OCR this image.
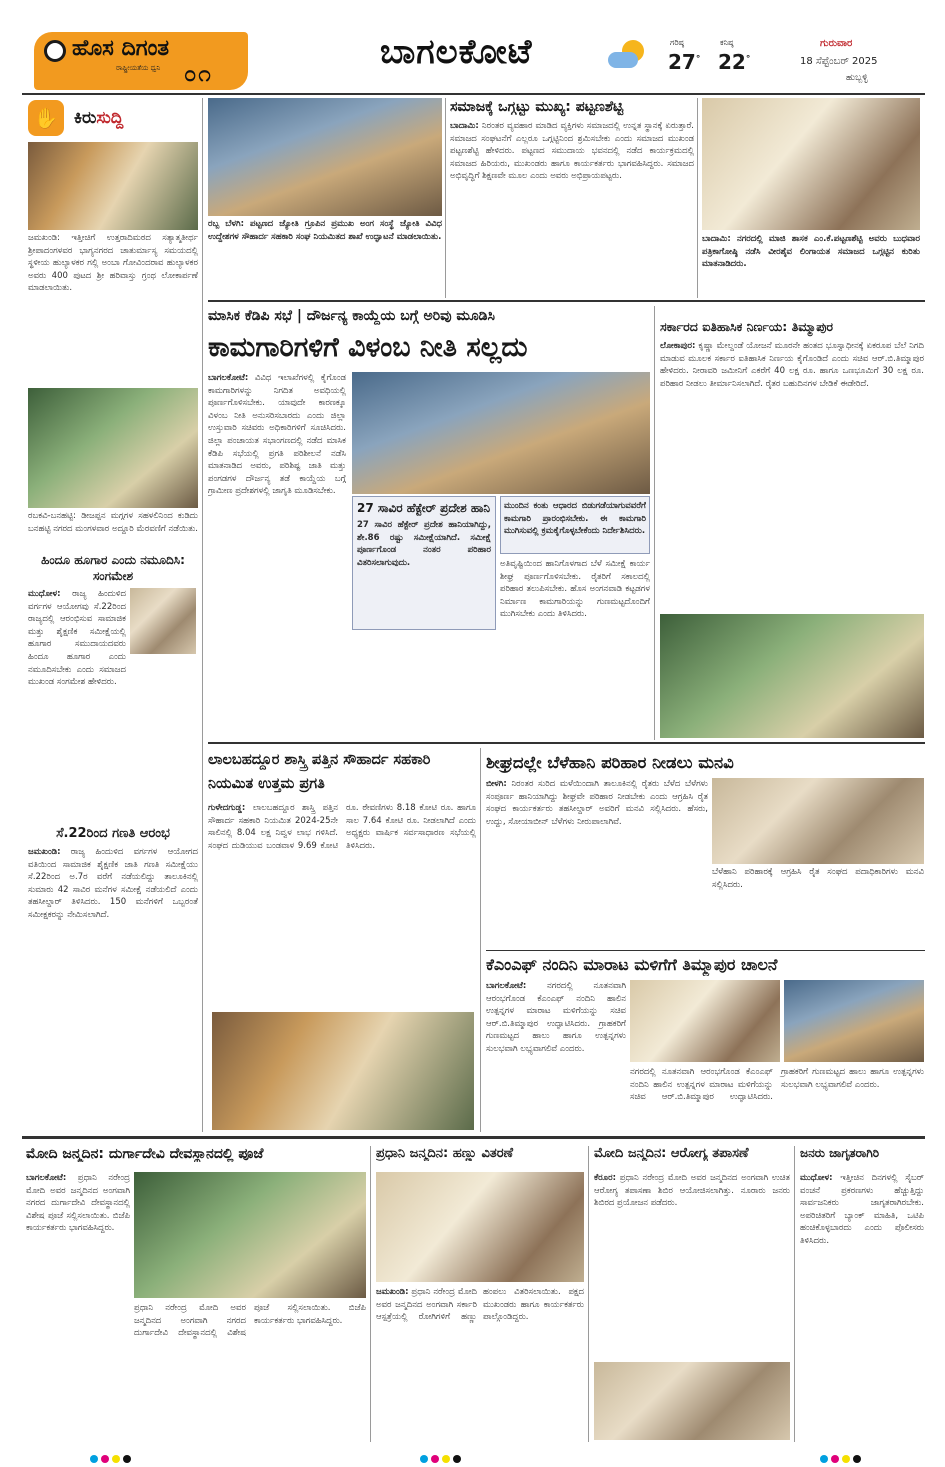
ಹೊಸ ದಿಗಂತ
ರಾಷ್ಟ್ರೀಯತೆಯ ಧ್ವನಿ ೦೧
ಬಾಗಲಕೋಟೆ	ಗರಿಷ್ಠ
27°
ಕನಿಷ್ಠ
22°
ಗುರುವಾರ
18 ಸೆಪ್ಟೆಂಬರ್ 2025
ಹುಬ್ಬಳ್ಳಿ
✋ ಕಿರುಸುದ್ದಿ
ಜಮಖಂಡಿ: ಇತ್ತೀಚಿಗೆ ಉತ್ತರಾದಿಮಠದ ಸತ್ಯಾತ್ಮತೀರ್ಥ ಶ್ರೀಪಾದಂಗಳವರ ಭಾಗ್ಯನಗರದ ಚಾತುರ್ಮಾಸ್ಯ ಸಮಯದಲ್ಲಿ ಸ್ಥಳೀಯ ಹುಲ್ಯಾಳಕರ ಗಲ್ಲಿ ಅಂಬಾ ಗೋವಿಂದರಾವ ಹುಲ್ಯಾಳಕರ ಅವರು 400 ಪುಟದ ಶ್ರೀ ಹರಿವಾಸ್ತು ಗ್ರಂಥ ಲೋಕಾರ್ಪಣೆ ಮಾಡಲಾಯಿತು.
ರಬಕವಿ-ಬನಹಟ್ಟಿ: ಡೀಜಪ್ಪನ ಮಗ್ಗಗಳ ಸಹಳಲಿನಿಂದ ಕುಡಿದು ಬನಹಟ್ಟಿ ನಗರದ ಮಂಗಳವಾರ ಅದ್ದೂರಿ ಮೆರವಣಿಗೆ ನಡೆಯಿತು.
ಹಿಂದೂ ಹೂಗಾರ ಎಂದು ನಮೂದಿಸಿ: ಸಂಗಮೇಶ
ಮುಧೋಳ: ರಾಜ್ಯ ಹಿಂದುಳಿದ ವರ್ಗಗಳ ಆಯೋಗವು ಸೆ.22ರಿಂದ ರಾಜ್ಯದಲ್ಲಿ ಆರಂಭಿಸುವ ಸಾಮಾಜಿಕ ಮತ್ತು ಶೈಕ್ಷಣಿಕ ಸಮೀಕ್ಷೆಯಲ್ಲಿ ಹೂಗಾರ ಸಮುದಾಯದವರು ಹಿಂದೂ ಹೂಗಾರ ಎಂದು ನಮೂದಿಸಬೇಕು ಎಂದು ಸಮಾಜದ ಮುಖಂಡ ಸಂಗಮೇಶ ಹೇಳಿದರು.
ಸೆ.22ರಿಂದ ಗಣತಿ ಆರಂಭ
ಜಮಖಂಡಿ: ರಾಜ್ಯ ಹಿಂದುಳಿದ ವರ್ಗಗಳ ಆಯೋಗದ ವತಿಯಿಂದ ಸಾಮಾಜಿಕ ಶೈಕ್ಷಣಿಕ ಜಾತಿ ಗಣತಿ ಸಮೀಕ್ಷೆಯು ಸೆ.22ರಿಂದ ಅ.7ರ ವರೆಗೆ ನಡೆಯಲಿದ್ದು ತಾಲೂಕಿನಲ್ಲಿ ಸುಮಾರು 42 ಸಾವಿರ ಮನೆಗಳ ಸಮೀಕ್ಷೆ ನಡೆಯಲಿದೆ ಎಂದು ತಹಸೀಲ್ದಾರ್ ತಿಳಿಸಿದರು. 150 ಮನೆಗಳಿಗೆ ಒಬ್ಬರಂತೆ ಸಮೀಕ್ಷಕರನ್ನು ನೇಮಿಸಲಾಗಿದೆ.
ರಬ್ಬ ಬೆಳಗಿ: ಪಟ್ಟಣದ ಜ್ಯೋತಿ ಗ್ರೂಪಿನ ಪ್ರಮುಖ ಅಂಗ ಸಂಸ್ಥೆ ಜ್ಯೋತಿ ವಿವಿಧ ಉದ್ದೇಶಗಳ ಸೌಹಾರ್ದ ಸಹಕಾರಿ ಸಂಘ ನಿಯಮಿತದ ಶಾಖೆ ಉದ್ಘಾಟನೆ ಮಾಡಲಾಯಿತು.
ಸಮಾಜಕ್ಕೆ ಒಗ್ಗಟ್ಟು ಮುಖ್ಯ: ಪಟ್ಟಣಶೆಟ್ಟಿ
ಬಾದಾಮಿ: ನಿರಂತರ ವ್ಯವಹಾರ ಮಾಡಿದ ವ್ಯಕ್ತಿಗಳು ಸಮಾಜದಲ್ಲಿ ಉನ್ನತ ಸ್ಥಾನಕ್ಕೆ ಏರುತ್ತಾರೆ. ಸಮಾಜದ ಸಂಘಟನೆಗೆ ಎಲ್ಲರೂ ಒಗ್ಗಟ್ಟಿನಿಂದ ಶ್ರಮಿಸಬೇಕು ಎಂದು ಸಮಾಜದ ಮುಖಂಡ ಪಟ್ಟಣಶೆಟ್ಟಿ ಹೇಳಿದರು. ಪಟ್ಟಣದ ಸಮುದಾಯ ಭವನದಲ್ಲಿ ನಡೆದ ಕಾರ್ಯಕ್ರಮದಲ್ಲಿ ಸಮಾಜದ ಹಿರಿಯರು, ಮುಖಂಡರು ಹಾಗೂ ಕಾರ್ಯಕರ್ತರು ಭಾಗವಹಿಸಿದ್ದರು. ಸಮಾಜದ ಅಭಿವೃದ್ಧಿಗೆ ಶಿಕ್ಷಣವೇ ಮೂಲ ಎಂದು ಅವರು ಅಭಿಪ್ರಾಯಪಟ್ಟರು.
ಬಾದಾಮಿ: ನಗರದಲ್ಲಿ ಮಾಜಿ ಶಾಸಕ ಎಂ.ಕೆ.ಪಟ್ಟಣಶೆಟ್ಟಿ ಅವರು ಬುಧವಾರ ಪತ್ರಿಕಾಗೋಷ್ಠಿ ನಡೆಸಿ ವೀರಶೈವ ಲಿಂಗಾಯತ ಸಮಾಜದ ಒಗ್ಗಟ್ಟಿನ ಕುರಿತು ಮಾತನಾಡಿದರು.
ಮಾಸಿಕ ಕೆಡಿಪಿ ಸಭೆ | ದೌರ್ಜನ್ಯ ಕಾಯ್ದೆಯ ಬಗ್ಗೆ ಅರಿವು ಮೂಡಿಸಿ
ಕಾಮಗಾರಿಗಳಿಗೆ ವಿಳಂಬ ನೀತಿ ಸಲ್ಲದು
ಬಾಗಲಕೋಟೆ: ವಿವಿಧ ಇಲಾಖೆಗಳಲ್ಲಿ ಕೈಗೊಂಡ ಕಾಮಗಾರಿಗಳನ್ನು ನಿಗದಿತ ಅವಧಿಯಲ್ಲಿ ಪೂರ್ಣಗೊಳಿಸಬೇಕು. ಯಾವುದೇ ಕಾರಣಕ್ಕೂ ವಿಳಂಬ ನೀತಿ ಅನುಸರಿಸಬಾರದು ಎಂದು ಜಿಲ್ಲಾ ಉಸ್ತುವಾರಿ ಸಚಿವರು ಅಧಿಕಾರಿಗಳಿಗೆ ಸೂಚಿಸಿದರು. ಜಿಲ್ಲಾ ಪಂಚಾಯತ ಸಭಾಂಗಣದಲ್ಲಿ ನಡೆದ ಮಾಸಿಕ ಕೆಡಿಪಿ ಸಭೆಯಲ್ಲಿ ಪ್ರಗತಿ ಪರಿಶೀಲನೆ ನಡೆಸಿ ಮಾತನಾಡಿದ ಅವರು, ಪರಿಶಿಷ್ಟ ಜಾತಿ ಮತ್ತು ಪಂಗಡಗಳ ದೌರ್ಜನ್ಯ ತಡೆ ಕಾಯ್ದೆಯ ಬಗ್ಗೆ ಗ್ರಾಮೀಣ ಪ್ರದೇಶಗಳಲ್ಲಿ ಜಾಗೃತಿ ಮೂಡಿಸಬೇಕು.
27 ಸಾವಿರ ಹೆಕ್ಟೇರ್ ಪ್ರದೇಶ ಹಾನಿ
27 ಸಾವಿರ ಹೆಕ್ಟೇರ್ ಪ್ರದೇಶ ಹಾನಿಯಾಗಿದ್ದು, ಶೇ.86 ರಷ್ಟು ಸಮೀಕ್ಷೆಯಾಗಿದೆ. ಸಮೀಕ್ಷೆ ಪೂರ್ಣಗೊಂಡ ನಂತರ ಪರಿಹಾರ ವಿತರಿಸಲಾಗುವುದು.
ಮುಂದಿನ ಕಂತು ಆಧಾರದ ಬಿಡುಗಡೆಯಾಗುವವರೆಗೆ ಕಾಮಗಾರಿ ಪ್ರಾರಂಭಿಸಬೇಕು. ಈ ಕಾಮಗಾರಿ ಮುಗಿಸುವಲ್ಲಿ ಕ್ರಮಕೈಗೊಳ್ಳಬೇಕೆಂದು ನಿರ್ದೇಶಿಸಿದರು.
ಅತಿವೃಷ್ಟಿಯಿಂದ ಹಾನಿಗೊಳಗಾದ ಬೆಳೆ ಸಮೀಕ್ಷೆ ಕಾರ್ಯ ಶೀಘ್ರ ಪೂರ್ಣಗೊಳಿಸಬೇಕು. ರೈತರಿಗೆ ಸಕಾಲದಲ್ಲಿ ಪರಿಹಾರ ತಲುಪಿಸಬೇಕು. ಹೊಸ ಅಂಗನವಾಡಿ ಕಟ್ಟಡಗಳ ನಿರ್ಮಾಣ ಕಾಮಗಾರಿಯನ್ನು ಗುಣಮಟ್ಟದೊಂದಿಗೆ ಮುಗಿಸಬೇಕು ಎಂದು ತಿಳಿಸಿದರು.
ಸರ್ಕಾರದ ಐತಿಹಾಸಿಕ ನಿರ್ಣಯ: ತಿಮ್ಮಾಪುರ
ಲೋಕಾಪುರ: ಕೃಷ್ಣಾ ಮೇಲ್ದಂಡೆ ಯೋಜನೆ ಮೂರನೇ ಹಂತದ ಭೂಸ್ವಾಧೀನಕ್ಕೆ ಏಕರೂಪ ಬೆಲೆ ನಿಗದಿ ಮಾಡುವ ಮೂಲಕ ಸರ್ಕಾರ ಐತಿಹಾಸಿಕ ನಿರ್ಣಯ ಕೈಗೊಂಡಿದೆ ಎಂದು ಸಚಿವ ಆರ್.ಬಿ.ತಿಮ್ಮಾಪುರ ಹೇಳಿದರು. ನೀರಾವರಿ ಜಮೀನಿಗೆ ಎಕರೆಗೆ 40 ಲಕ್ಷ ರೂ. ಹಾಗೂ ಒಣಭೂಮಿಗೆ 30 ಲಕ್ಷ ರೂ. ಪರಿಹಾರ ನೀಡಲು ತೀರ್ಮಾನಿಸಲಾಗಿದೆ. ರೈತರ ಬಹುದಿನಗಳ ಬೇಡಿಕೆ ಈಡೇರಿದೆ.
ಲಾಲಬಹದ್ದೂರ ಶಾಸ್ತ್ರಿ ಪತ್ತಿನ ಸೌಹಾರ್ದ ಸಹಕಾರಿ ನಿಯಮಿತ ಉತ್ತಮ ಪ್ರಗತಿ
ಗುಳೇದಗುಡ್ಡ: ಲಾಲಬಹದ್ದೂರ ಶಾಸ್ತ್ರಿ ಪತ್ತಿನ ಸೌಹಾರ್ದ ಸಹಕಾರಿ ನಿಯಮಿತ 2024-25ನೇ ಸಾಲಿನಲ್ಲಿ 8.04 ಲಕ್ಷ ನಿವ್ವಳ ಲಾಭ ಗಳಿಸಿದೆ. ಸಂಘದ ದುಡಿಯುವ ಬಂಡವಾಳ 9.69 ಕೋಟಿ ರೂ. ಠೇವಣಿಗಳು 8.18 ಕೋಟಿ ರೂ. ಹಾಗೂ ಸಾಲ 7.64 ಕೋಟಿ ರೂ. ನೀಡಲಾಗಿದೆ ಎಂದು ಅಧ್ಯಕ್ಷರು ವಾರ್ಷಿಕ ಸರ್ವಸಾಧಾರಣ ಸಭೆಯಲ್ಲಿ ತಿಳಿಸಿದರು.
ಶೀಘ್ರದಲ್ಲೇ ಬೆಳೆಹಾನಿ ಪರಿಹಾರ ನೀಡಲು ಮನವಿ
ಬೀಳಗಿ: ನಿರಂತರ ಸುರಿದ ಮಳೆಯಿಂದಾಗಿ ತಾಲೂಕಿನಲ್ಲಿ ರೈತರು ಬೆಳೆದ ಬೆಳೆಗಳು ಸಂಪೂರ್ಣ ಹಾನಿಯಾಗಿದ್ದು ಶೀಘ್ರವೇ ಪರಿಹಾರ ನೀಡಬೇಕು ಎಂದು ಆಗ್ರಹಿಸಿ ರೈತ ಸಂಘದ ಕಾರ್ಯಕರ್ತರು ತಹಸೀಲ್ದಾರ್ ಅವರಿಗೆ ಮನವಿ ಸಲ್ಲಿಸಿದರು. ಹೆಸರು, ಉದ್ದು, ಸೋಯಾಬೀನ್ ಬೆಳೆಗಳು ನೀರುಪಾಲಾಗಿವೆ.
ಬೆಳೆಹಾನಿ ಪರಿಹಾರಕ್ಕೆ ಆಗ್ರಹಿಸಿ ರೈತ ಸಂಘದ ಪದಾಧಿಕಾರಿಗಳು ಮನವಿ ಸಲ್ಲಿಸಿದರು.
ಕೆಎಂಎಫ್ ನಂದಿನಿ ಮಾರಾಟ ಮಳಿಗೆಗೆ ತಿಮ್ಮಾಪುರ ಚಾಲನೆ
ಬಾಗಲಕೋಟೆ: ನಗರದಲ್ಲಿ ನೂತನವಾಗಿ ಆರಂಭಗೊಂಡ ಕೆಎಂಎಫ್ ನಂದಿನಿ ಹಾಲಿನ ಉತ್ಪನ್ನಗಳ ಮಾರಾಟ ಮಳಿಗೆಯನ್ನು ಸಚಿವ ಆರ್.ಬಿ.ತಿಮ್ಮಾಪುರ ಉದ್ಘಾಟಿಸಿದರು. ಗ್ರಾಹಕರಿಗೆ ಗುಣಮಟ್ಟದ ಹಾಲು ಹಾಗೂ ಉತ್ಪನ್ನಗಳು ಸುಲಭವಾಗಿ ಲಭ್ಯವಾಗಲಿವೆ ಎಂದರು.
ನಗರದಲ್ಲಿ ನೂತನವಾಗಿ ಆರಂಭಗೊಂಡ ಕೆಎಂಎಫ್ ನಂದಿನಿ ಹಾಲಿನ ಉತ್ಪನ್ನಗಳ ಮಾರಾಟ ಮಳಿಗೆಯನ್ನು ಸಚಿವ ಆರ್.ಬಿ.ತಿಮ್ಮಾಪುರ ಉದ್ಘಾಟಿಸಿದರು. ಗ್ರಾಹಕರಿಗೆ ಗುಣಮಟ್ಟದ ಹಾಲು ಹಾಗೂ ಉತ್ಪನ್ನಗಳು ಸುಲಭವಾಗಿ ಲಭ್ಯವಾಗಲಿವೆ ಎಂದರು.
ಮೋದಿ ಜನ್ಮದಿನ: ದುರ್ಗಾದೇವಿ ದೇವಸ್ಥಾನದಲ್ಲಿ ಪೂಜೆ
ಬಾಗಲಕೋಟೆ: ಪ್ರಧಾನಿ ನರೇಂದ್ರ ಮೋದಿ ಅವರ ಜನ್ಮದಿನದ ಅಂಗವಾಗಿ ನಗರದ ದುರ್ಗಾದೇವಿ ದೇವಸ್ಥಾನದಲ್ಲಿ ವಿಶೇಷ ಪೂಜೆ ಸಲ್ಲಿಸಲಾಯಿತು. ಬಿಜೆಪಿ ಕಾರ್ಯಕರ್ತರು ಭಾಗವಹಿಸಿದ್ದರು.
ಪ್ರಧಾನಿ ನರೇಂದ್ರ ಮೋದಿ ಅವರ ಜನ್ಮದಿನದ ಅಂಗವಾಗಿ ನಗರದ ದುರ್ಗಾದೇವಿ ದೇವಸ್ಥಾನದಲ್ಲಿ ವಿಶೇಷ ಪೂಜೆ ಸಲ್ಲಿಸಲಾಯಿತು. ಬಿಜೆಪಿ ಕಾರ್ಯಕರ್ತರು ಭಾಗವಹಿಸಿದ್ದರು.
ಪ್ರಧಾನಿ ಜನ್ಮದಿನ: ಹಣ್ಣು ವಿತರಣೆ
ಜಮಖಂಡಿ: ಪ್ರಧಾನಿ ನರೇಂದ್ರ ಮೋದಿ ಅವರ ಜನ್ಮದಿನದ ಅಂಗವಾಗಿ ಸರ್ಕಾರಿ ಆಸ್ಪತ್ರೆಯಲ್ಲಿ ರೋಗಿಗಳಿಗೆ ಹಣ್ಣು ಹಂಪಲು ವಿತರಿಸಲಾಯಿತು. ಪಕ್ಷದ ಮುಖಂಡರು ಹಾಗೂ ಕಾರ್ಯಕರ್ತರು ಪಾಲ್ಗೊಂಡಿದ್ದರು.
ಮೋದಿ ಜನ್ಮದಿನ: ಆರೋಗ್ಯ ತಪಾಸಣೆ
ಕೆರೂರ: ಪ್ರಧಾನಿ ನರೇಂದ್ರ ಮೋದಿ ಅವರ ಜನ್ಮದಿನದ ಅಂಗವಾಗಿ ಉಚಿತ ಆರೋಗ್ಯ ತಪಾಸಣಾ ಶಿಬಿರ ಆಯೋಜಿಸಲಾಗಿತ್ತು. ನೂರಾರು ಜನರು ಶಿಬಿರದ ಪ್ರಯೋಜನ ಪಡೆದರು.
ಜನರು ಜಾಗೃತರಾಗಿರಿ
ಮುಧೋಳ: ಇತ್ತೀಚಿನ ದಿನಗಳಲ್ಲಿ ಸೈಬರ್ ವಂಚನೆ ಪ್ರಕರಣಗಳು ಹೆಚ್ಚುತ್ತಿದ್ದು ಸಾರ್ವಜನಿಕರು ಜಾಗೃತರಾಗಿರಬೇಕು. ಅಪರಿಚಿತರಿಗೆ ಬ್ಯಾಂಕ್ ಮಾಹಿತಿ, ಒಟಿಪಿ ಹಂಚಿಕೊಳ್ಳಬಾರದು ಎಂದು ಪೊಲೀಸರು ತಿಳಿಸಿದರು.
